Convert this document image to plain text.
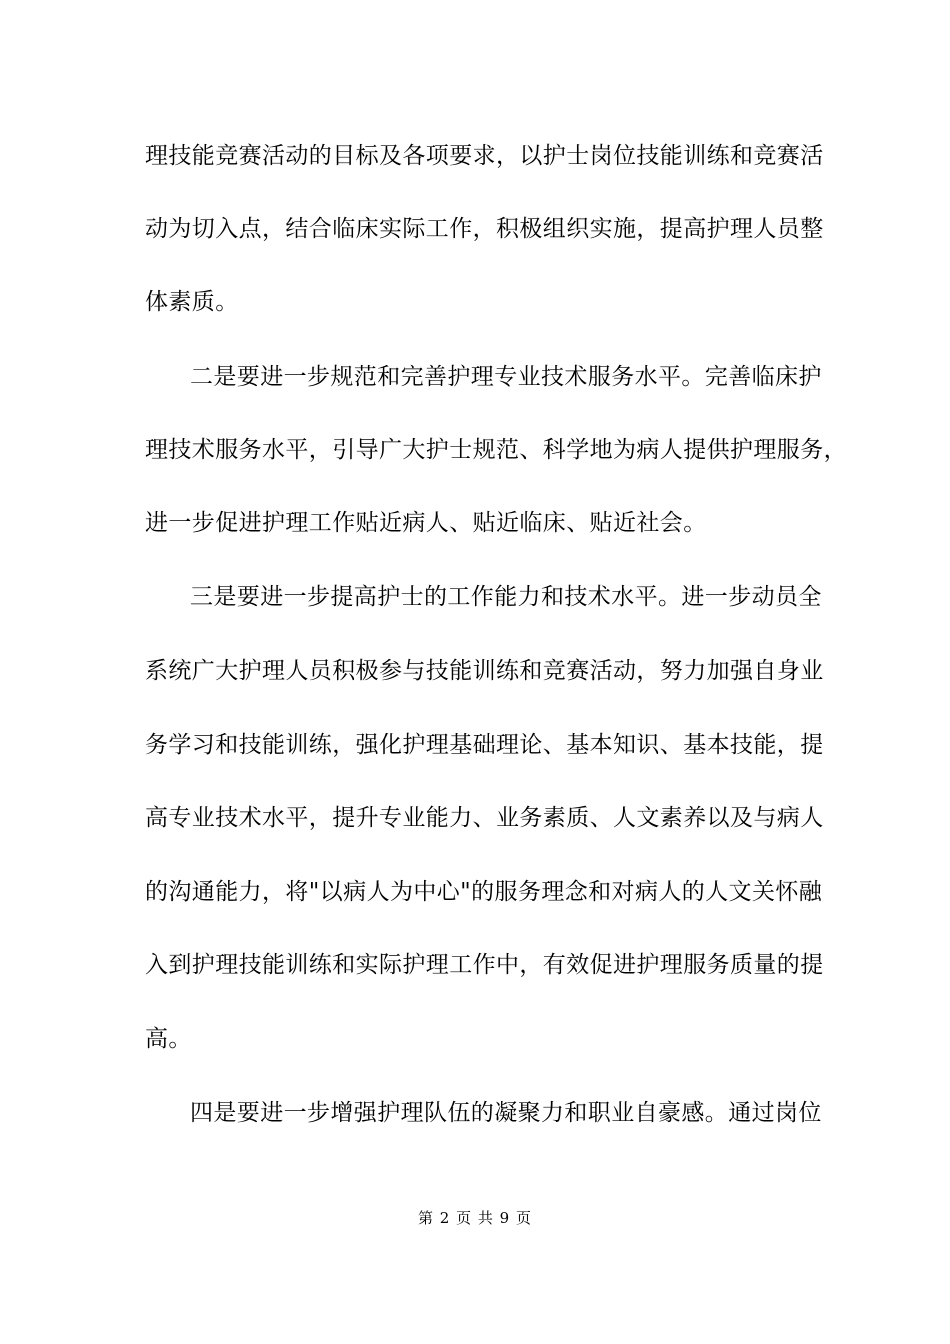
理技能竞赛活动的目标及各项要求，以护士岗位技能训练和竞赛活
动为切入点，结合临床实际工作，积极组织实施，提高护理人员整
体素质。
二是要进一步规范和完善护理专业技术服务水平。完善临床护
理技术服务水平，引导广大护士规范、科学地为病人提供护理服务，
进一步促进护理工作贴近病人、贴近临床、贴近社会。
三是要进一步提高护士的工作能力和技术水平。进一步动员全
系统广大护理人员积极参与技能训练和竞赛活动，努力加强自身业
务学习和技能训练，强化护理基础理论、基本知识、基本技能，提
高专业技术水平，提升专业能力、业务素质、人文素养以及与病人
的沟通能力，将"以病人为中心"的服务理念和对病人的人文关怀融
入到护理技能训练和实际护理工作中，有效促进护理服务质量的提
高。
四是要进一步增强护理队伍的凝聚力和职业自豪感。通过岗位
第 2 页 共 9 页
